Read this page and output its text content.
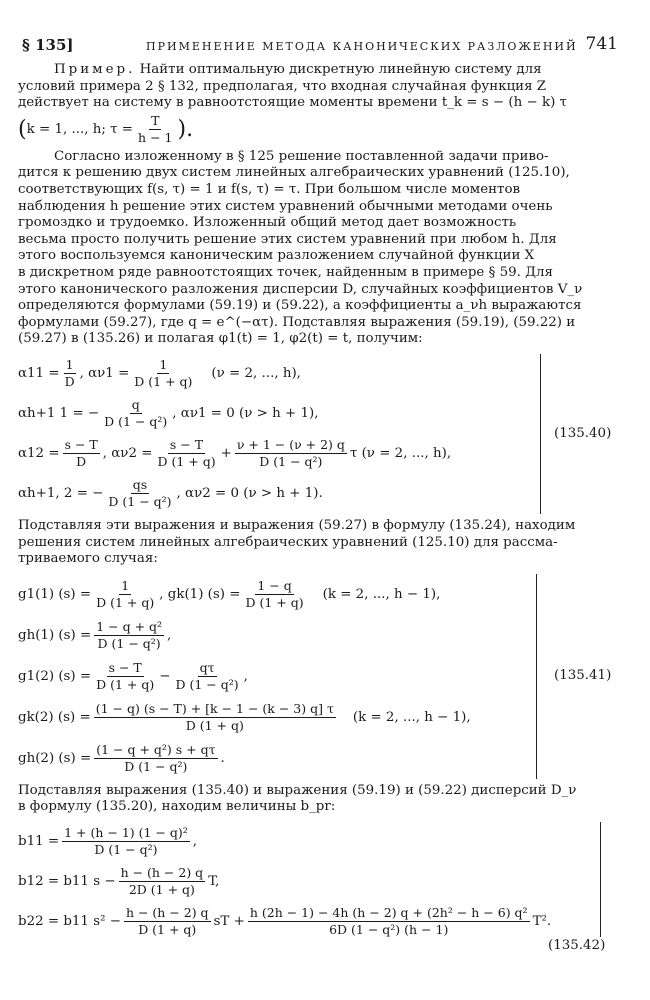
§ 135]	ПРИМЕНЕНИЕ МЕТОДА КАНОНИЧЕСКИХ РАЗЛОЖЕНИЙ 741

Пример. Найти оптимальную дискретную линейную систему для

условий примера 2 § 132, предполагая, что входная случайная функция Z

действует на систему в равноотстоящие моменты времени t_k = s − (h − k) τ

( k = 1, ..., h; $\tau = \frac{T}{h - 1}$ ).

Согласно изложенному в § 125 решение поставленной задачи приво-

дится к решению двух систем линейных алгебраических уравнений (125.10),

соответствующих f(s, τ) = 1 и f(s, τ) = τ. При большом числе моментов

наблюдения h решение этих систем уравнений обычными методами очень

громоздко и трудоемко. Изложенный общий метод дает возможность

весьма просто получить решение этих систем уравнений при любом h. Для

этого воспользуемся каноническим разложением случайной функции X

в дискретном ряде равноотстоящих точек, найденным в примере § 59. Для

этого канонического разложения дисперсии D, случайных коэффициентов V_ν

определяются формулами (59.19) и (59.22), а коэффициенты a_νh выражаются

формулами (59.27), где q = e^(−ατ). Подставляя выражения (59.19), (59.22) и

(59.27) в (135.26) и полагая φ1(t) = 1, φ2(t) = t, получим:

$\alpha 11 = \frac{1}{D}$ , $\alpha\nu 1 = \frac{1}{D (1 + q)} (\nu = 2$, ..., h),
αh+1 1 = − $\frac{q}{\text{D (1 − q²)}}$ , αν1 = 0 (ν > h + 1),
$\alpha 12 = \frac{s - T}{D}$ , $\alpha\nu 2 = \frac{s - T}{D (1 + q)} + \frac{\nu + 1 - (\nu + 2) q}{\text{D (1 − q²)}}$ τ (ν = 2, ..., h),
αh+1, 2 = − $\frac{qs}{\text{D (1 − q²)}}$ , αν2 = 0 (ν > h + 1).
(135.40)

Подставляя эти выражения и выражения (59.27) в формулу (135.24), находим

решения систем линейных алгебраических уравнений (125.10) для рассма-

триваемого случая:

g1(1) $(s) = \frac{1}{D (1 + q)}$ , gk(1) $(s) = \frac{1 - q}{D (1 + q)} (k = 2$, ..., h − 1),
gh(1) $(s) = \frac{\text{1 − q + q²}}{\text{D (1 − q²)}}$ ,
g1(2) $(s) = \frac{s - T}{D (1 + q)} - \frac{q\tau}{\text{D (1 − q²)}}$ ,
gk(2) $(s) = \frac{(1 - q) (s - T) + [k - 1 - (k - 3) q] \tau}{D (1 + q)} (k = 2$, ..., h − 1),
gh(2) $(s) = \frac{\text{(1 − q + q²) s + qτ}}{\text{D (1 − q²)}}$ .
(135.41)

Подставляя выражения (135.40) и выражения (59.19) и (59.22) дисперсий D_ν

в формулу (135.20), находим величины b_pr:

$b11 = \frac{\text{1 + (h − 1) (1 − q)²}}{\text{D (1 − q²)}}$ ,
b12 = b11 $s - \frac{h - (h - 2) q}{2D (1 + q)} T$,
b22 = b11 $s^2 - \frac{h - (h - 2) q}{D (1 + q)}$ sT + $\frac{\text{h (2h − 1) − 4h (h − 2) q + (2h² − h − 6) q²}}{\text{6D (1 − q²) (h − 1)}} T^2$.
(135.42)
